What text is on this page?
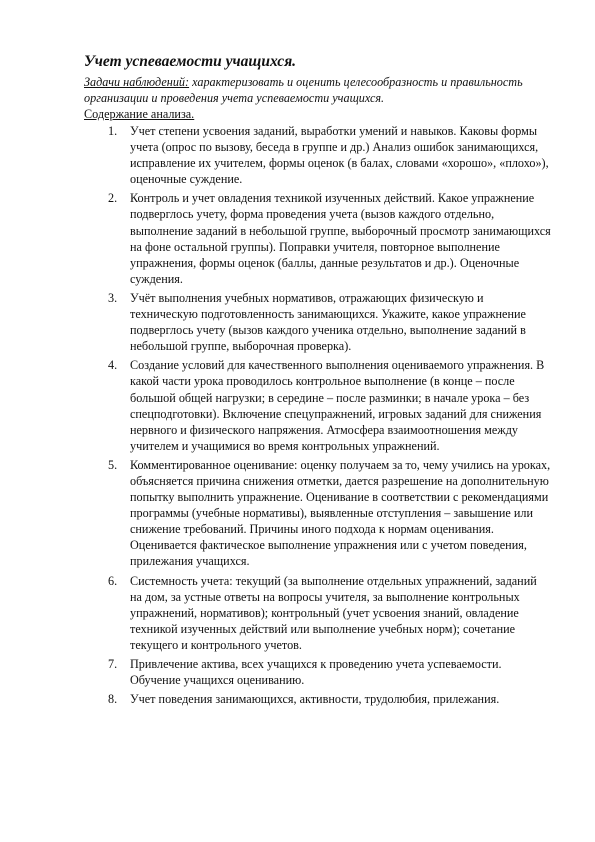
Учет успеваемости учащихся.

Задачи наблюдений: характеризовать и оценить целесообразность и правильность организации и проведения учета успеваемости учащихся.

Содержание анализа.

1.	Учет степени усвоения заданий, выработки умений и навыков. Каковы формы учета (опрос по вызову, беседа в группе и др.) Анализ ошибок занимающихся, исправление их учителем, формы оценок (в балах, словами «хорошо», «плохо»), оценочные суждение.
2.	Контроль и учет овладения техникой изученных действий. Какое упражнение подверглось учету, форма проведения учета (вызов каждого отдельно, выполнение заданий в небольшой группе, выборочный просмотр занимающихся на фоне остальной группы). Поправки учителя, повторное выполнение упражнения, формы оценок (баллы, данные результатов и др.). Оценочные суждения.
3.	Учёт выполнения учебных нормативов, отражающих физическую и техническую подготовленность занимающихся. Укажите, какое упражнение подверглось учету (вызов каждого ученика отдельно, выполнение заданий в небольшой группе, выборочная проверка).
4.	Создание условий для качественного выполнения оцениваемого упражнения. В какой части урока проводилось контрольное выполнение (в конце – после большой общей нагрузки; в середине – после разминки; в начале урока – без спецподготовки). Включение спецупражнений, игровых заданий для снижения нервного и физического напряжения. Атмосфера взаимоотношения между учителем и учащимися во время контрольных упражнений.
5.	Комментированное оценивание: оценку получаем за то, чему учились на уроках, объясняется причина снижения отметки, дается разрешение на дополнительную попытку выполнить упражнение. Оценивание в соответствии с рекомендациями программы (учебные нормативы), выявленные отступления – завышение или снижение требований. Причины иного подхода к нормам оценивания. Оценивается фактическое выполнение упражнения или с учетом поведения, прилежания учащихся.
6.	Системность учета: текущий (за выполнение отдельных упражнений, заданий на дом, за устные ответы на вопросы учителя, за выполнение контрольных упражнений, нормативов); контрольный (учет усвоения знаний, овладение техникой изученных действий или выполнение учебных норм); сочетание текущего и контрольного учетов.
7.	Привлечение актива, всех учащихся к проведению учета успеваемости. Обучение учащихся оцениванию.
8.	Учет поведения занимающихся, активности, трудолюбия, прилежания.
